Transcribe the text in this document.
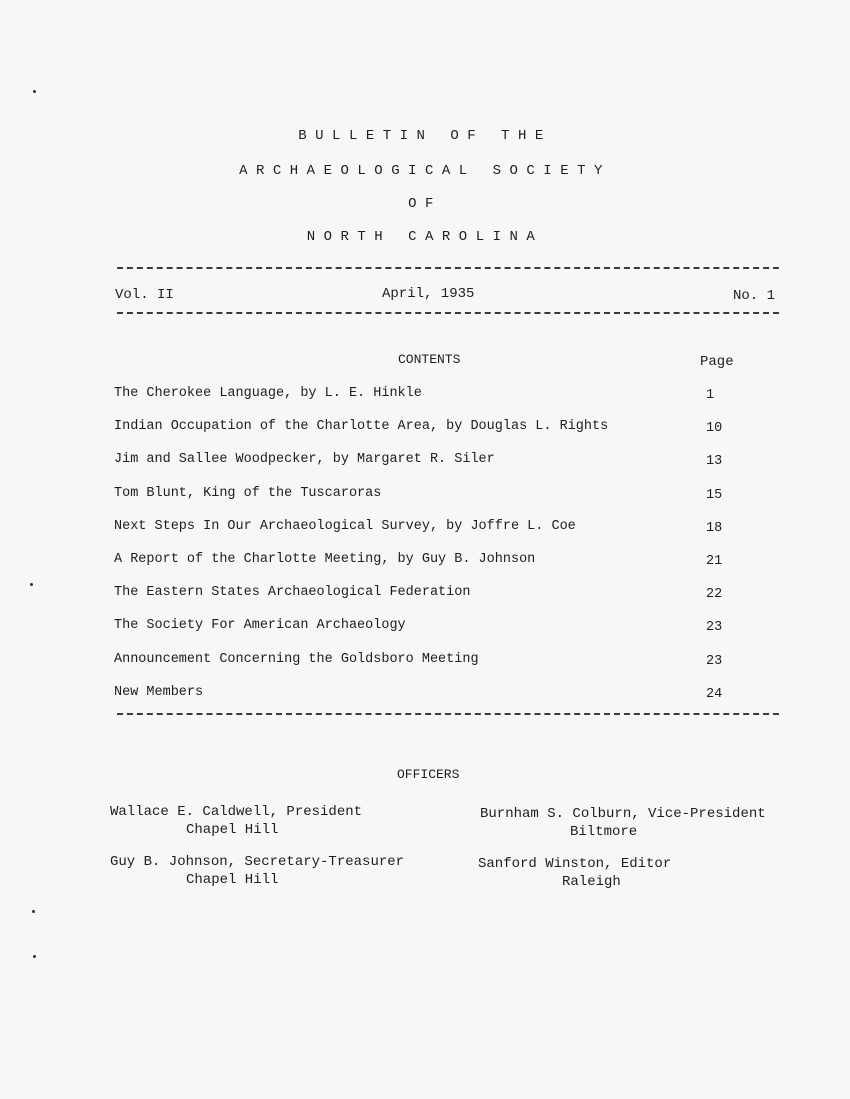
BULLETIN OF THE
ARCHAEOLOGICAL SOCIETY
OF
NORTH CAROLINA
Vol. II	April, 1935	No. 1
CONTENTS	Page
The Cherokee Language, by L. E. Hinkle	1
Indian Occupation of the Charlotte Area, by Douglas L. Rights	10
Jim and Sallee Woodpecker, by Margaret R. Siler	13
Tom Blunt, King of the Tuscaroras	15
Next Steps In Our Archaeological Survey, by Joffre L. Coe	18
A Report of the Charlotte Meeting, by Guy B. Johnson	21
The Eastern States Archaeological Federation	22
The Society For American Archaeology	23
Announcement Concerning the Goldsboro Meeting	23
New Members	24
OFFICERS
Wallace E. Caldwell, President
Chapel Hill
Burnham S. Colburn, Vice-President
Biltmore
Guy B. Johnson, Secretary-Treasurer
Chapel Hill
Sanford Winston, Editor
Raleigh
